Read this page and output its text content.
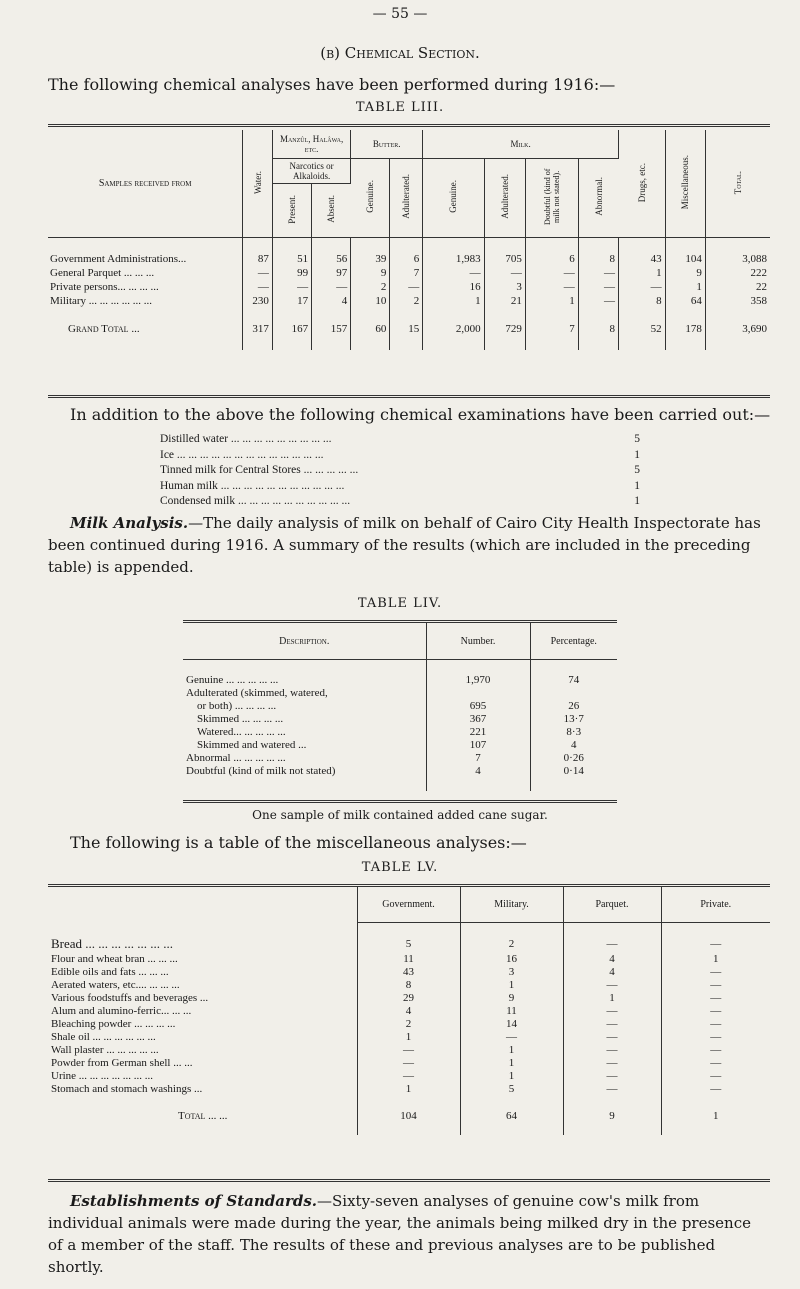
— 55 —
(b) Chemical Section.
The following chemical analyses have been performed during 1916:—
TABLE LIII.
Samples received from	Water.	Manzûl, Halâwa, etc.		Butter.		Milk.				Drugs, etc.	Miscellaneous.	Total.
		Narcotics or Alkaloids.		Genuine.	Adulterated.	Genuine.	Adulterated.	Doubtful (kind of milk not stated).	Abnormal.			
		Present.	Absent.									

Government Administrations...	87	51	56	39	6	1,983	705	6	8	43	104	3,088
General Parquet ... ... ...	—	99	97	9	7	—	—	—	—	1	9	222
Private persons... ... ... ...	—	—	—	2	—	16	3	—	—	—	1	22
Military ... ... ... ... ... ...	230	17	4	10	2	1	21	1	—	8	64	358

Grand Total ...	317	167	157	60	15	2,000	729	7	8	52	178	3,690

In addition to the above the following chemical examinations have been carried out:—
Distilled water ... ... ... ... ... ... ... ... ...	5
Ice ... ... ... ... ... ... ... ... ... ... ... ... ...	1
Tinned milk for Central Stores ... ... ... ... ...	5
Human milk ... ... ... ... ... ... ... ... ... ... ...	1
Condensed milk ... ... ... ... ... ... ... ... ... ...	1
Milk Analysis.—The daily analysis of milk on behalf of Cairo City Health Inspectorate has been continued during 1916. A summary of the results (which are included in the preceding table) is appended.
TABLE LIV.
Description.	Number.	Percentage.

Genuine ... ... ... ... ...	1,970	74
Adulterated (skimmed, watered,		
or both) ... ... ... ...	695	26
Skimmed ... ... ... ...	367	13·7
Watered... ... ... ... ...	221	8·3
Skimmed and watered ...	107	4
Abnormal ... ... ... ... ...	7	0·26
Doubtful (kind of milk not stated)	4	0·14

One sample of milk contained added cane sugar.
The following is a table of the miscellaneous analyses:—
TABLE LV.
	Government.	Military.	Parquet.	Private.

Bread ... ... ... ... ... ... ...	5	2	—	—
Flour and wheat bran ... ... ...	11	16	4	1
Edible oils and fats ... ... ...	43	3	4	—
Aerated waters, etc.... ... ... ...	8	1	—	—
Various foodstuffs and beverages ...	29	9	1	—
Alum and alumino-ferric... ... ...	4	11	—	—
Bleaching powder ... ... ... ...	2	14	—	—
Shale oil ... ... ... ... ... ...	1	—	—	—
Wall plaster ... ... ... ... ...	—	1	—	—
Powder from German shell ... ...	—	1	—	—
Urine ... ... ... ... ... ... ...	—	1	—	—
Stomach and stomach washings ...	1	5	—	—

Total ... ...	104	64	9	1

Establishments of Standards.—Sixty-seven analyses of genuine cow's milk from individual animals were made during the year, the animals being milked dry in the presence of a member of the staff. The results of these and previous analyses are to be published shortly.
